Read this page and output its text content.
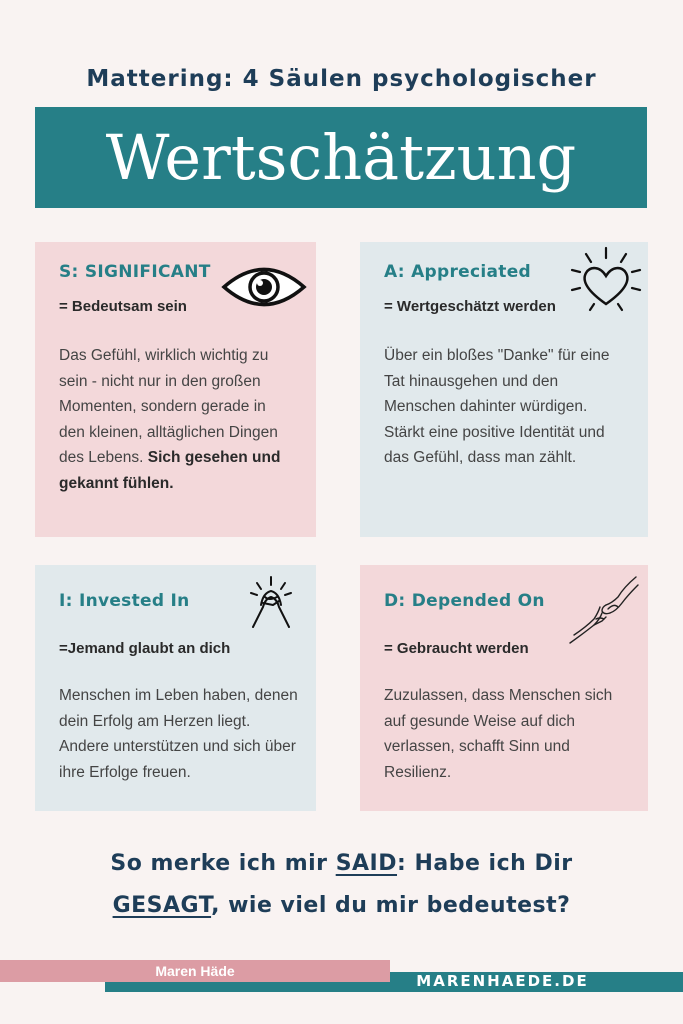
Mattering: 4 Säulen psychologischer
Wertschätzung
S: SIGNIFICANT
= Bedeutsam sein
Das Gefühl, wirklich wichtig zu sein - nicht nur in den großen Momenten, sondern gerade in den kleinen, alltäglichen Dingen des Lebens. Sich gesehen und gekannt fühlen.
A: Appreciated
= Wertgeschätzt werden
Über ein bloßes "Danke" für eine Tat hinausgehen und den Menschen dahinter würdigen. Stärkt eine positive Identität und das Gefühl, dass man zählt.
I: Invested In
=Jemand glaubt an dich
Menschen im Leben haben, denen dein Erfolg am Herzen liegt. Andere unterstützen und sich über ihre Erfolge freuen.
D: Depended On
= Gebraucht werden
Zuzulassen, dass Menschen sich auf gesunde Weise auf dich verlassen, schafft Sinn und Resilienz.
So merke ich mir SAID: Habe ich Dir
GESAGT, wie viel du mir bedeutest?
Maren Häde
MARENHAEDE.DE
